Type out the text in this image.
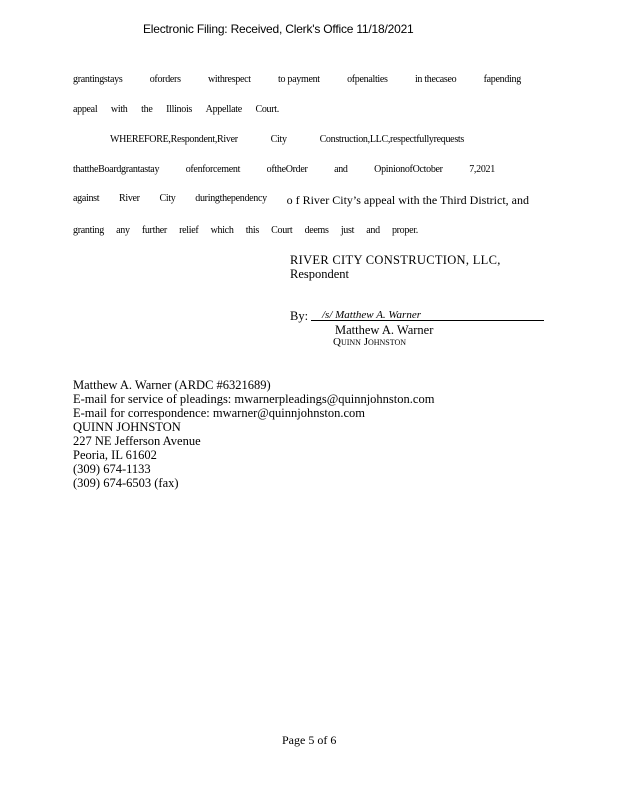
Electronic Filing: Received, Clerk's Office 11/18/2021
grantingstays	oforders	withrespect	to payment	ofpenalties	in thecaseo	fapending
appeal with the Illinois Appellate Court.
WHEREFORE,Respondent,River	City	Construction,LLC,respectfullyrequests
thattheBoardgrantastay	ofenforcement	oftheOrder	and	OpinionofOctober	7,2021
against River City duringthependency o f River City’s appeal with the Third District, and
granting any further relief which this Court deems just and proper.
RIVER CITY CONSTRUCTION, LLC,
Respondent
By: /s/ Matthew A. Warner
Matthew A. Warner
Quinn Johnston
Matthew A. Warner (ARDC #6321689)
E-mail for service of pleadings: mwarnerpleadings@quinnjohnston.com
E-mail for correspondence: mwarner@quinnjohnston.com
QUINN JOHNSTON
227 NE Jefferson Avenue
Peoria, IL 61602
(309) 674-1133
(309) 674-6503 (fax)
Page 5 of 6
